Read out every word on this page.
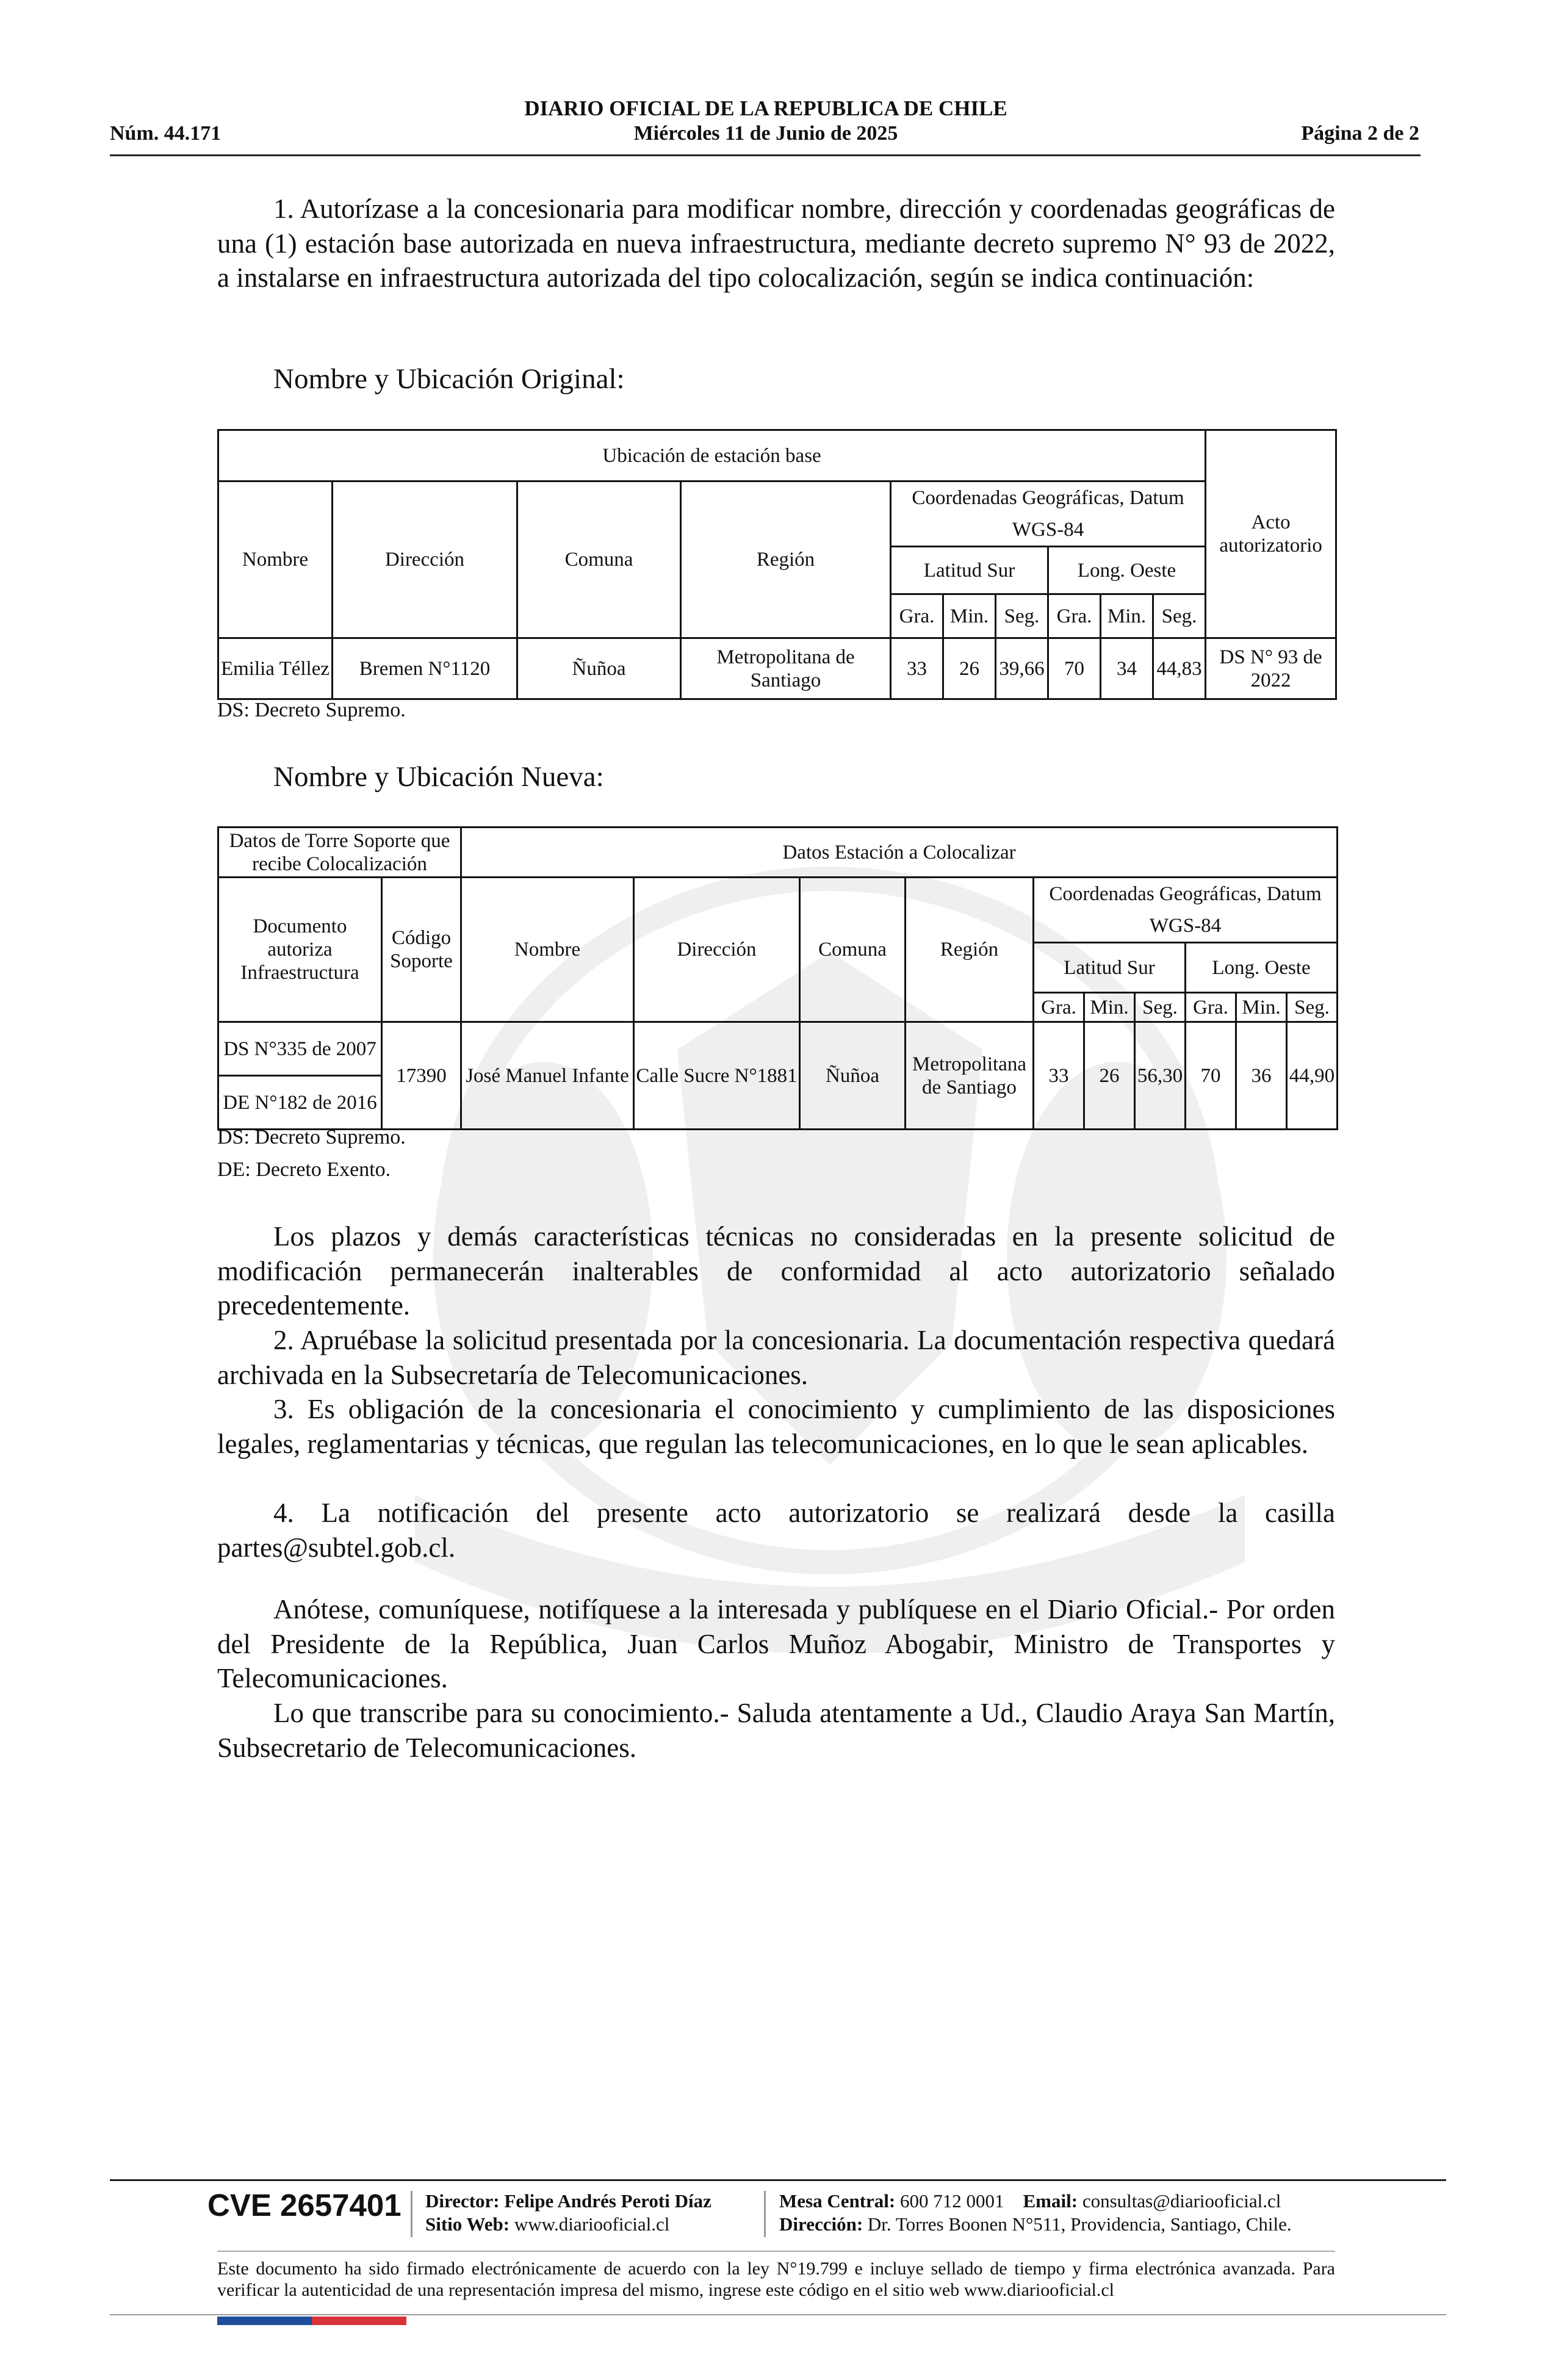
Núm. 44.171
DIARIO OFICIAL DE LA REPUBLICA DE CHILE
Miércoles 11 de Junio de 2025	Página 2 de 2
1. Autorízase a la concesionaria para modificar nombre, dirección y coordenadas geográficas de una (1) estación base autorizada en nueva infraestructura, mediante decreto supremo N° 93 de 2022, a instalarse en infraestructura autorizada del tipo colocalización, según se indica continuación:
Nombre y Ubicación Original:
Ubicación de estación base										Acto autorizatorio
Nombre	Dirección	Comuna	Región	Coordenadas Geográficas, Datum WGS-84						
				Latitud Sur			Long. Oeste			
				Gra.	Min.	Seg.	Gra.	Min.	Seg.	
Emilia Téllez	Bremen N°1120	Ñuñoa	Metropolitana de Santiago	33	26	39,66	70	34	44,83	DS N° 93 de 2022
DS: Decreto Supremo.
Nombre y Ubicación Nueva:
Datos de Torre Soporte que recibe Colocalización		Datos Estación a Colocalizar									
Documento autoriza Infraestructura	Código Soporte	Nombre	Dirección	Comuna	Región	Coordenadas Geográficas, Datum WGS-84					
						Latitud Sur			Long. Oeste		
						Gra.	Min.	Seg.	Gra.	Min.	Seg.
DS N°335 de 2007	17390	José Manuel Infante	Calle Sucre N°1881	Ñuñoa	Metropolitana de Santiago	33	26	56,30	70	36	44,90
DE N°182 de 2016											
DS: Decreto Supremo.
DE: Decreto Exento.
Los plazos y demás características técnicas no consideradas en la presente solicitud de modificación permanecerán inalterables de conformidad al acto autorizatorio señalado precedentemente.
2. Apruébase la solicitud presentada por la concesionaria. La documentación respectiva quedará archivada en la Subsecretaría de Telecomunicaciones.
3. Es obligación de la concesionaria el conocimiento y cumplimiento de las disposiciones legales, reglamentarias y técnicas, que regulan las telecomunicaciones, en lo que le sean aplicables.
4. La notificación del presente acto autorizatorio se realizará desde la casilla partes@subtel.gob.cl.
Anótese, comuníquese, notifíquese a la interesada y publíquese en el Diario Oficial.- Por orden del Presidente de la República, Juan Carlos Muñoz Abogabir, Ministro de Transportes y Telecomunicaciones.
Lo que transcribe para su conocimiento.- Saluda atentamente a Ud., Claudio Araya San Martín, Subsecretario de Telecomunicaciones.
CVE 2657401 Director: Felipe Andrés Peroti Díaz
Sitio Web: www.diariooficial.cl
Mesa Central: 600 712 0001 Email: consultas@diariooficial.cl
Dirección: Dr. Torres Boonen N°511, Providencia, Santiago, Chile.
Este documento ha sido firmado electrónicamente de acuerdo con la ley N°19.799 e incluye sellado de tiempo y firma electrónica avanzada. Para verificar la autenticidad de una representación impresa del mismo, ingrese este código en el sitio web www.diariooficial.cl
